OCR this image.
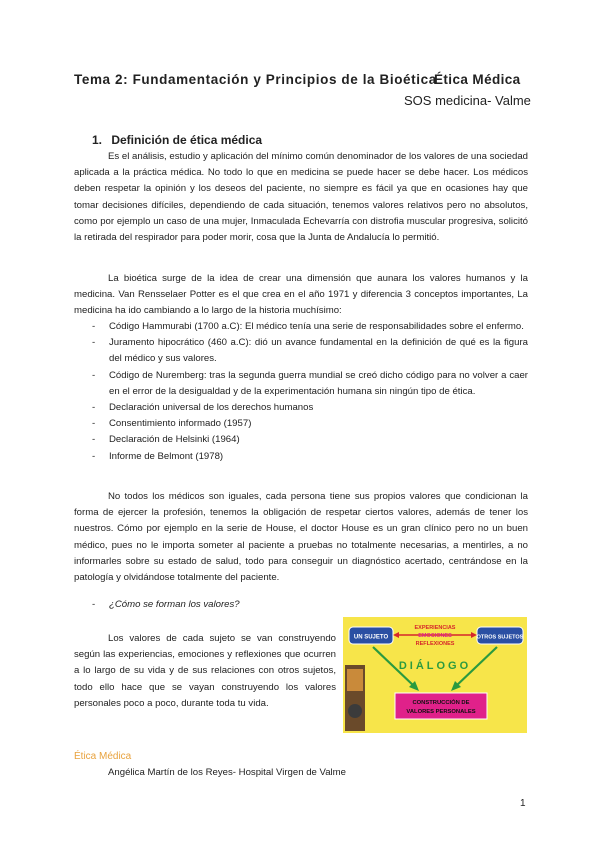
Tema 2: Fundamentación y Principios de la Bioética
Ética Médica
SOS medicina- Valme
1. Definición de ética médica
Es el análisis, estudio y aplicación del mínimo común denominador de los valores de una sociedad aplicada a la práctica médica. No todo lo que en medicina se puede hacer se debe hacer. Los médicos deben respetar la opinión y los deseos del paciente, no siempre es fácil ya que en ocasiones hay que tomar decisiones difíciles, dependiendo de cada situación, tenemos valores relativos pero no absolutos, como por ejemplo un caso de una mujer, Inmaculada Echevarría con distrofia muscular progresiva, solicitó la retirada del respirador para poder morir, cosa que la Junta de Andalucía lo permitió.
La bioética surge de la idea de crear una dimensión que aunara los valores humanos y la medicina. Van Rensselaer Potter es el que crea en el año 1971 y diferencia 3 conceptos importantes, La medicina ha ido cambiando a lo largo de la historia muchísimo:
- Código Hammurabi (1700 a.C): El médico tenía una serie de responsabilidades sobre el enfermo.
- Juramento hipocrático (460 a.C): dió un avance fundamental en la definición de qué es la figura del médico y sus valores.
- Código de Nuremberg: tras la segunda guerra mundial se creó dicho código para no volver a caer en el error de la desigualdad y de la experimentación humana sin ningún tipo de ética.
- Declaración universal de los derechos humanos
- Consentimiento informado (1957)
- Declaración de Helsinki (1964)
- Informe de Belmont (1978)
No todos los médicos son iguales, cada persona tiene sus propios valores que condicionan la forma de ejercer la profesión, tenemos la obligación de respetar ciertos valores, además de tener los nuestros. Cómo por ejemplo en la serie de House, el doctor House es un gran clínico pero no un buen médico, pues no le importa someter al paciente a pruebas no totalmente necesarias, a mentirles, a no informarles sobre su estado de salud, todo para conseguir un diagnóstico acertado, centrándose en la patología y olvidándose totalmente del paciente.
- ¿Cómo se forman los valores?
Los valores de cada sujeto se van construyendo según las experiencias, emociones y reflexiones que ocurren a lo largo de su vida y de sus relaciones con otros sujetos, todo ello hace que se vayan construyendo los valores personales poco a poco, durante toda tu vida.
UN SUJETO	OTROS SUJETOS
EXPERIENCIAS
EMOCIONES
REFLEXIONES
DIÁLOGO
CONSTRUCCIÓN DE
VALORES PERSONALES
Ética Médica
Angélica Martín de los Reyes- Hospital Virgen de Valme
1
